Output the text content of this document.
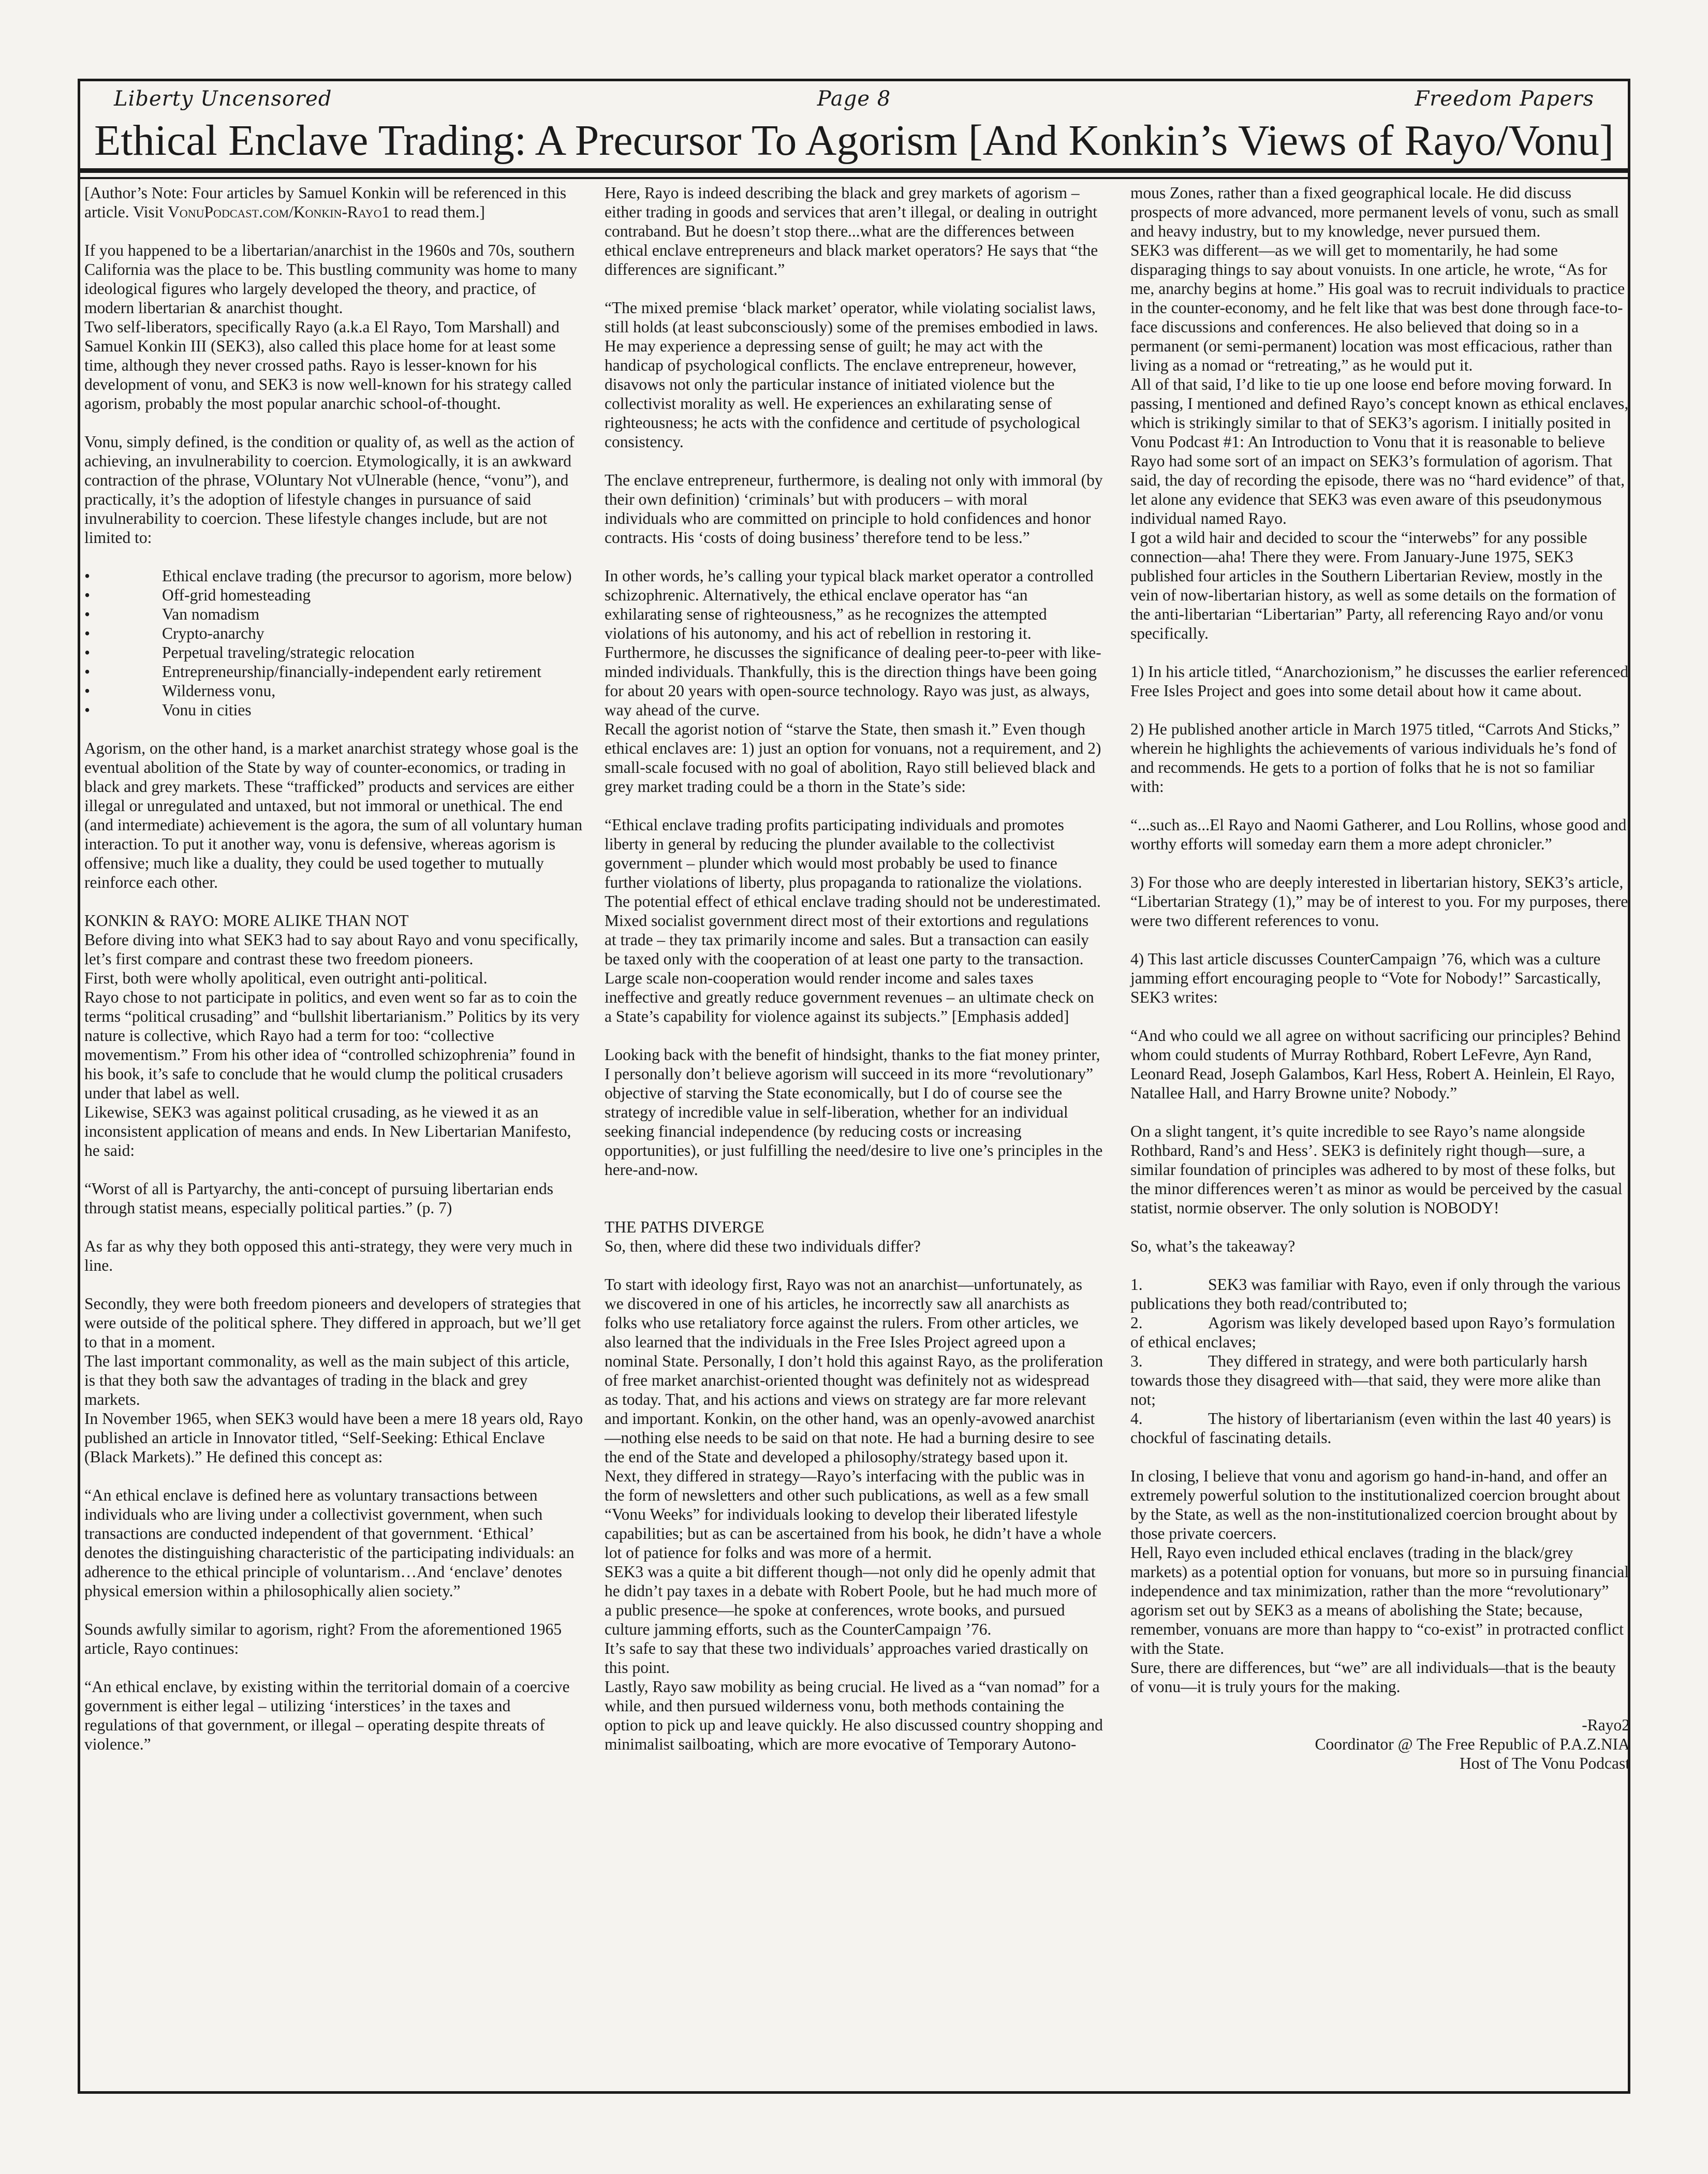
Liberty Uncensored	Page 8	Freedom Papers
Ethical Enclave Trading: A Precursor To Agorism [And Konkin’s Views of Rayo/Vonu]

[Author’s Note: Four articles by Samuel Konkin will be referenced in this article. Visit VonuPodcast.com/Konkin-Rayo1 to read them.]

If you happened to be a libertarian/anarchist in the 1960s and 70s, southern California was the place to be. This bustling community was home to many ideological figures who largely developed the theory, and practice, of modern libertarian & anarchist thought.

Two self-liberators, specifically Rayo (a.k.a El Rayo, Tom Marshall) and Samuel Konkin III (SEK3), also called this place home for at least some time, although they never crossed paths. Rayo is lesser-known for his development of vonu, and SEK3 is now well-known for his strategy called agorism, probably the most popular anarchic school-of-thought.

Vonu, simply defined, is the condition or quality of, as well as the action of achieving, an invulnerability to coercion. Etymologically, it is an awkward contraction of the phrase, VOluntary Not vUlnerable (hence, “vonu”), and practically, it’s the adoption of lifestyle changes in pursuance of said invulnerability to coercion. These lifestyle changes include, but are not limited to:

•	Ethical enclave trading (the precursor to agorism, more below)
•	Off-grid homesteading
•	Van nomadism
•	Crypto-anarchy
•	Perpetual traveling/strategic relocation
•	Entrepreneurship/financially-independent early retirement
•	Wilderness vonu,
•	Vonu in cities

Agorism, on the other hand, is a market anarchist strategy whose goal is the eventual abolition of the State by way of counter-economics, or trading in black and grey markets. These “trafficked” products and services are either illegal or unregulated and untaxed, but not immoral or unethical. The end (and intermediate) achievement is the agora, the sum of all voluntary human interaction. To put it another way, vonu is defensive, whereas agorism is offensive; much like a duality, they could be used together to mutually reinforce each other.

KONKIN & RAYO: MORE ALIKE THAN NOT

Before diving into what SEK3 had to say about Rayo and vonu specifically, let’s first compare and contrast these two freedom pioneers.

First, both were wholly apolitical, even outright anti-political.

Rayo chose to not participate in politics, and even went so far as to coin the terms “political crusading” and “bullshit libertarianism.” Politics by its very nature is collective, which Rayo had a term for too: “collective movementism.” From his other idea of “controlled schizophrenia” found in his book, it’s safe to conclude that he would clump the political crusaders under that label as well.

Likewise, SEK3 was against political crusading, as he viewed it as an inconsistent application of means and ends. In New Libertarian Manifesto, he said:

“Worst of all is Partyarchy, the anti-concept of pursuing libertarian ends through statist means, especially political parties.” (p. 7)

As far as why they both opposed this anti-strategy, they were very much in line.

Secondly, they were both freedom pioneers and developers of strategies that were outside of the political sphere. They differed in approach, but we’ll get to that in a moment.

The last important commonality, as well as the main subject of this article, is that they both saw the advantages of trading in the black and grey markets.

In November 1965, when SEK3 would have been a mere 18 years old, Rayo published an article in Innovator titled, “Self-Seeking: Ethical Enclave (Black Markets).” He defined this concept as:

“An ethical enclave is defined here as voluntary transactions between individuals who are living under a collectivist government, when such transactions are conducted independent of that government. ‘Ethical’ denotes the distinguishing characteristic of the participating individuals: an adherence to the ethical principle of voluntarism…And ‘enclave’ denotes physical emersion within a philosophically alien society.”

Sounds awfully similar to agorism, right? From the aforementioned 1965 article, Rayo continues:

“An ethical enclave, by existing within the territorial domain of a coercive government is either legal – utilizing ‘interstices’ in the taxes and regulations of that government, or illegal – operating despite threats of violence.”

Here, Rayo is indeed describing the black and grey markets of agorism – either trading in goods and services that aren’t illegal, or dealing in outright contraband. But he doesn’t stop there...what are the differences between ethical enclave entrepreneurs and black market operators? He says that “the differences are significant.”

“The mixed premise ‘black market’ operator, while violating socialist laws, still holds (at least subconsciously) some of the premises embodied in laws. He may experience a depressing sense of guilt; he may act with the handicap of psychological conflicts. The enclave entrepreneur, however, disavows not only the particular instance of initiated violence but the collectivist morality as well. He experiences an exhilarating sense of righteousness; he acts with the confidence and certitude of psychological consistency.

The enclave entrepreneur, furthermore, is dealing not only with immoral (by their own definition) ‘criminals’ but with producers – with moral individuals who are committed on principle to hold confidences and honor contracts. His ‘costs of doing business’ therefore tend to be less.”

In other words, he’s calling your typical black market operator a controlled schizophrenic. Alternatively, the ethical enclave operator has “an exhilarating sense of righteousness,” as he recognizes the attempted violations of his autonomy, and his act of rebellion in restoring it.

Furthermore, he discusses the significance of dealing peer-to-peer with like-minded individuals. Thankfully, this is the direction things have been going for about 20 years with open-source technology. Rayo was just, as always, way ahead of the curve.

Recall the agorist notion of “starve the State, then smash it.” Even though ethical enclaves are: 1) just an option for vonuans, not a requirement, and 2) small-scale focused with no goal of abolition, Rayo still believed black and grey market trading could be a thorn in the State’s side:

“Ethical enclave trading profits participating individuals and promotes liberty in general by reducing the plunder available to the collectivist government – plunder which would most probably be used to finance further violations of liberty, plus propaganda to rationalize the violations. The potential effect of ethical enclave trading should not be underestimated. Mixed socialist government direct most of their extortions and regulations at trade – they tax primarily income and sales. But a transaction can easily be taxed only with the cooperation of at least one party to the transaction. Large scale non-cooperation would render income and sales taxes ineffective and greatly reduce government revenues – an ultimate check on a State’s capability for violence against its subjects.” [Emphasis added]

Looking back with the benefit of hindsight, thanks to the fiat money printer, I personally don’t believe agorism will succeed in its more “revolutionary” objective of starving the State economically, but I do of course see the strategy of incredible value in self-liberation, whether for an individual seeking financial independence (by reducing costs or increasing opportunities), or just fulfilling the need/desire to live one’s principles in the here-and-now.

THE PATHS DIVERGE

So, then, where did these two individuals differ?

To start with ideology first, Rayo was not an anarchist—unfortunately, as we discovered in one of his articles, he incorrectly saw all anarchists as folks who use retaliatory force against the rulers. From other articles, we also learned that the individuals in the Free Isles Project agreed upon a nominal State. Personally, I don’t hold this against Rayo, as the proliferation of free market anarchist-oriented thought was definitely not as widespread as today. That, and his actions and views on strategy are far more relevant and important. Konkin, on the other hand, was an openly-avowed anarchist—nothing else needs to be said on that note. He had a burning desire to see the end of the State and developed a philosophy/strategy based upon it.

Next, they differed in strategy—Rayo’s interfacing with the public was in the form of newsletters and other such publications, as well as a few small “Vonu Weeks” for individuals looking to develop their liberated lifestyle capabilities; but as can be ascertained from his book, he didn’t have a whole lot of patience for folks and was more of a hermit.

SEK3 was a quite a bit different though—not only did he openly admit that he didn’t pay taxes in a debate with Robert Poole, but he had much more of a public presence—he spoke at conferences, wrote books, and pursued culture jamming efforts, such as the CounterCampaign ’76.

It’s safe to say that these two individuals’ approaches varied drastically on this point.

Lastly, Rayo saw mobility as being crucial. He lived as a “van nomad” for a while, and then pursued wilderness vonu, both methods containing the option to pick up and leave quickly. He also discussed country shopping and minimalist sailboating, which are more evocative of Temporary Autono-

mous Zones, rather than a fixed geographical locale. He did discuss prospects of more advanced, more permanent levels of vonu, such as small and heavy industry, but to my knowledge, never pursued them.

SEK3 was different—as we will get to momentarily, he had some disparaging things to say about vonuists. In one article, he wrote, “As for me, anarchy begins at home.” His goal was to recruit individuals to practice in the counter-economy, and he felt like that was best done through face-to-face discussions and conferences. He also believed that doing so in a permanent (or semi-permanent) location was most efficacious, rather than living as a nomad or “retreating,” as he would put it.

All of that said, I’d like to tie up one loose end before moving forward. In passing, I mentioned and defined Rayo’s concept known as ethical enclaves, which is strikingly similar to that of SEK3’s agorism. I initially posited in Vonu Podcast #1: An Introduction to Vonu that it is reasonable to believe Rayo had some sort of an impact on SEK3’s formulation of agorism. That said, the day of recording the episode, there was no “hard evidence” of that, let alone any evidence that SEK3 was even aware of this pseudonymous individual named Rayo.

I got a wild hair and decided to scour the “interwebs” for any possible connection—aha! There they were. From January-June 1975, SEK3 published four articles in the Southern Libertarian Review, mostly in the vein of now-libertarian history, as well as some details on the formation of the anti-libertarian “Libertarian” Party, all referencing Rayo and/or vonu specifically.

1) In his article titled, “Anarchozionism,” he discusses the earlier referenced Free Isles Project and goes into some detail about how it came about.

2) He published another article in March 1975 titled, “Carrots And Sticks,” wherein he highlights the achievements of various individuals he’s fond of and recommends. He gets to a portion of folks that he is not so familiar with:

“...such as...El Rayo and Naomi Gatherer, and Lou Rollins, whose good and worthy efforts will someday earn them a more adept chronicler.”

3) For those who are deeply interested in libertarian history, SEK3’s article, “Libertarian Strategy (1),” may be of interest to you. For my purposes, there were two different references to vonu.

4) This last article discusses CounterCampaign ’76, which was a culture jamming effort encouraging people to “Vote for Nobody!” Sarcastically, SEK3 writes:

“And who could we all agree on without sacrificing our principles? Behind whom could students of Murray Rothbard, Robert LeFevre, Ayn Rand, Leonard Read, Joseph Galambos, Karl Hess, Robert A. Heinlein, El Rayo, Natallee Hall, and Harry Browne unite? Nobody.”

On a slight tangent, it’s quite incredible to see Rayo’s name alongside Rothbard, Rand’s and Hess’. SEK3 is definitely right though—sure, a similar foundation of principles was adhered to by most of these folks, but the minor differences weren’t as minor as would be perceived by the casual statist, normie observer. The only solution is NOBODY!

So, what’s the takeaway?

1.	SEK3 was familiar with Rayo, even if only through the various publications they both read/contributed to;

2.	Agorism was likely developed based upon Rayo’s formulation of ethical enclaves;

3.	They differed in strategy, and were both particularly harsh towards those they disagreed with—that said, they were more alike than not;

4.	The history of libertarianism (even within the last 40 years) is chockful of fascinating details.

In closing, I believe that vonu and agorism go hand-in-hand, and offer an extremely powerful solution to the institutionalized coercion brought about by the State, as well as the non-institutionalized coercion brought about by those private coercers.

Hell, Rayo even included ethical enclaves (trading in the black/grey markets) as a potential option for vonuans, but more so in pursuing financial independence and tax minimization, rather than the more “revolutionary” agorism set out by SEK3 as a means of abolishing the State; because, remember, vonuans are more than happy to “co-exist” in protracted conflict with the State.

Sure, there are differences, but “we” are all individuals—that is the beauty of vonu—it is truly yours for the making.

-Rayo2

Coordinator @ The Free Republic of P.A.Z.NIA

Host of The Vonu Podcast
